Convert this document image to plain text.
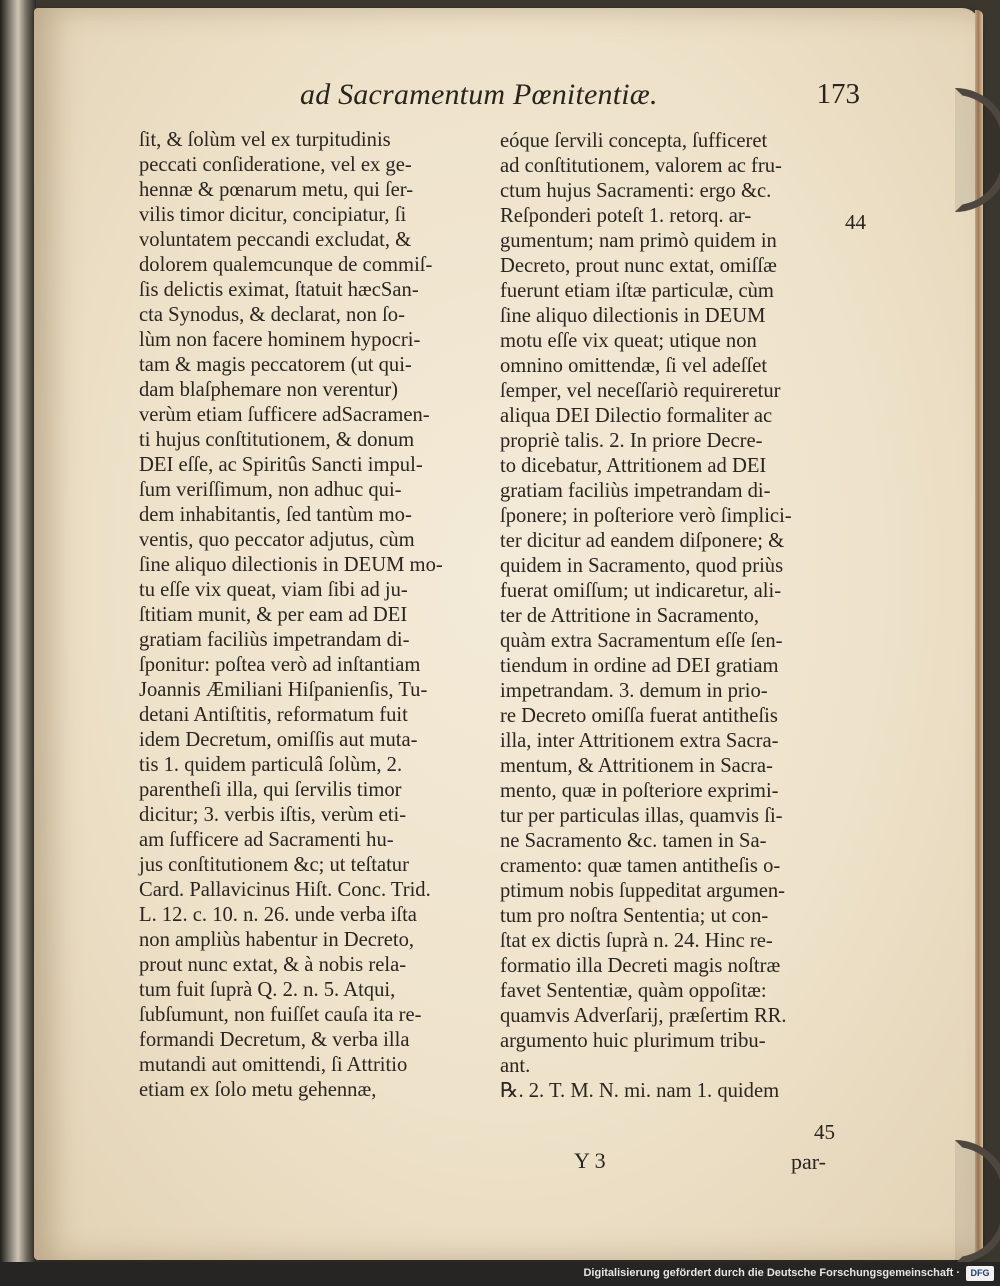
ad Sacramentum Pœnitentiæ.	173
ſit, & ſolùm vel ex turpitudinis
peccati conſideratione, vel ex ge-
hennæ & pœnarum metu, qui ſer-
vilis timor dicitur, concipiatur, ſi
voluntatem peccandi excludat, &
dolorem qualemcunque de commiſ-
ſis delictis eximat, ſtatuit hæcSan-
cta Synodus, & declarat, non ſo-
lùm non facere hominem hypocri-
tam & magis peccatorem (ut qui-
dam blaſphemare non verentur)
verùm etiam ſufficere adSacramen-
ti hujus conſtitutionem, & donum
DEI eſſe, ac Spiritûs Sancti impul-
ſum veriſſimum, non adhuc qui-
dem inhabitantis, ſed tantùm mo-
ventis, quo peccator adjutus, cùm
ſine aliquo dilectionis in DEUM mo-
tu eſſe vix queat, viam ſibi ad ju-
ſtitiam munit, & per eam ad DEI
gratiam faciliùs impetrandam di-
ſponitur: poſtea verò ad inſtantiam
Joannis Æmiliani Hiſpanienſis, Tu-
detani Antiſtitis, reformatum fuit
idem Decretum, omiſſis aut muta-
tis 1. quidem particulâ ſolùm, 2.
parentheſi illa, qui ſervilis timor
dicitur; 3. verbis iſtis, verùm eti-
am ſufficere ad Sacramenti hu-
jus conſtitutionem &c; ut teſtatur
Card. Pallavicinus Hiſt. Conc. Trid.
L. 12. c. 10. n. 26. unde verba iſta
non ampliùs habentur in Decreto,
prout nunc extat, & à nobis rela-
tum fuit ſuprà Q. 2. n. 5. Atqui,
ſubſumunt, non fuiſſet cauſa ita re-
formandi Decretum, & verba illa
mutandi aut omittendi, ſi Attritio
etiam ex ſolo metu gehennæ,
eóque ſervili concepta, ſufficeret
ad conſtitutionem, valorem ac fru-
ctum hujus Sacramenti: ergo &c.
Reſponderi poteſt 1. retorq. ar-
gumentum; nam primò quidem in
Decreto, prout nunc extat, omiſſæ
fuerunt etiam iſtæ particulæ, cùm
ſine aliquo dilectionis in DEUM
motu eſſe vix queat; utique non
omnino omittendæ, ſi vel adeſſet
ſemper, vel neceſſariò requireretur
aliqua DEI Dilectio formaliter ac
propriè talis. 2. In priore Decre-
to dicebatur, Attritionem ad DEI
gratiam faciliùs impetrandam di-
ſponere; in poſteriore verò ſimplici-
ter dicitur ad eandem diſponere; &
quidem in Sacramento, quod priùs
fuerat omiſſum; ut indicaretur, ali-
ter de Attritione in Sacramento,
quàm extra Sacramentum eſſe ſen-
tiendum in ordine ad DEI gratiam
impetrandam. 3. demum in prio-
re Decreto omiſſa fuerat antitheſis
illa, inter Attritionem extra Sacra-
mentum, & Attritionem in Sacra-
mento, quæ in poſteriore exprimi-
tur per particulas illas, quamvis ſi-
ne Sacramento &c. tamen in Sa-
cramento: quæ tamen antitheſis o-
ptimum nobis ſuppeditat argumen-
tum pro noſtra Sententia; ut con-
ſtat ex dictis ſuprà n. 24. Hinc re-
formatio illa Decreti magis noſtræ
favet Sententiæ, quàm oppoſitæ:
quamvis Adverſarij, præſertim RR.
argumento huic plurimum tribu-
ant.
℞. 2. T. M. N. mi. nam 1. quidem
44
45
Y 3	par-
Digitalisierung gefördert durch die Deutsche Forschungsgemeinschaft ·	DFG
